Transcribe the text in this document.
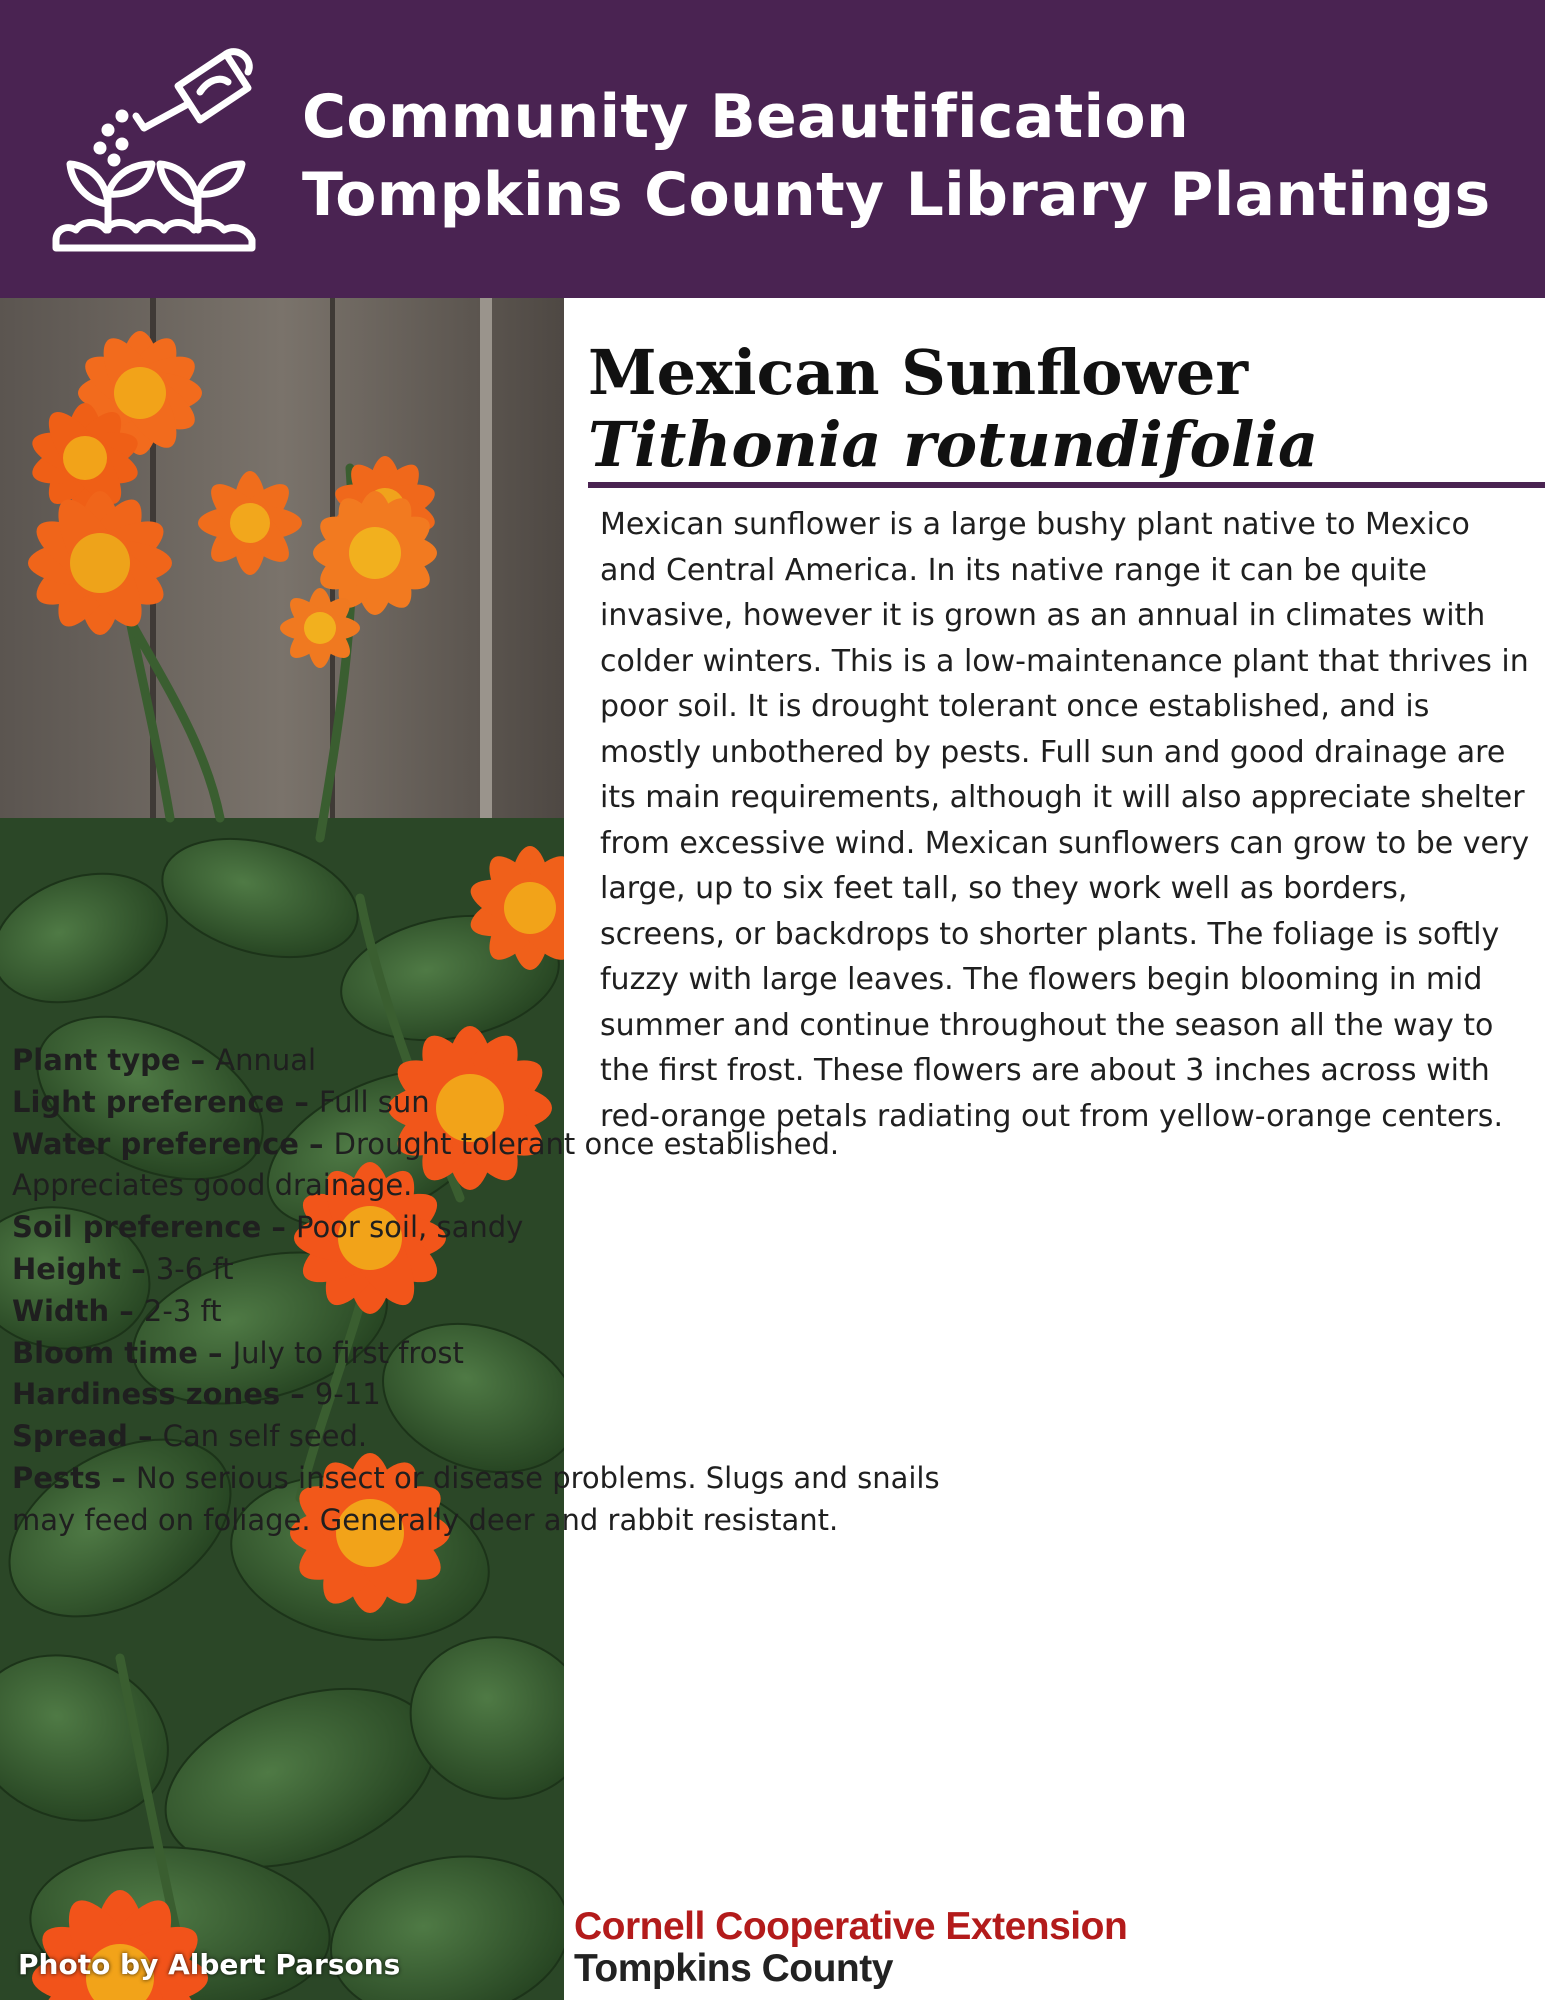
Community Beautification
Tompkins County Library Plantings
Photo by Albert Parsons
Mexican Sunflower
Tithonia rotundifolia
Mexican sunflower is a large bushy plant native to Mexico and Central America. In its native range it can be quite invasive, however it is grown as an annual in climates with colder winters. This is a low-maintenance plant that thrives in poor soil. It is drought tolerant once established, and is mostly unbothered by pests. Full sun and good drainage are its main requirements, although it will also appreciate shelter from excessive wind. Mexican sunflowers can grow to be very large, up to six feet tall, so they work well as borders, screens, or backdrops to shorter plants. The foliage is softly fuzzy with large leaves. The flowers begin blooming in mid summer and continue throughout the season all the way to the first frost. These flowers are about 3 inches across with red-orange petals radiating out from yellow-orange centers.
Plant type – Annual
Light preference – Full sun
Water preference – Drought tolerant once established. Appreciates good drainage.
Soil preference – Poor soil, sandy
Height – 3-6 ft
Width – 2-3 ft
Bloom time – July to first frost
Hardiness zones – 9-11
Spread – Can self seed.
Pests – No serious insect or disease problems. Slugs and snails may feed on foliage. Generally deer and rabbit resistant.
Cornell Cooperative Extension
Tompkins County
